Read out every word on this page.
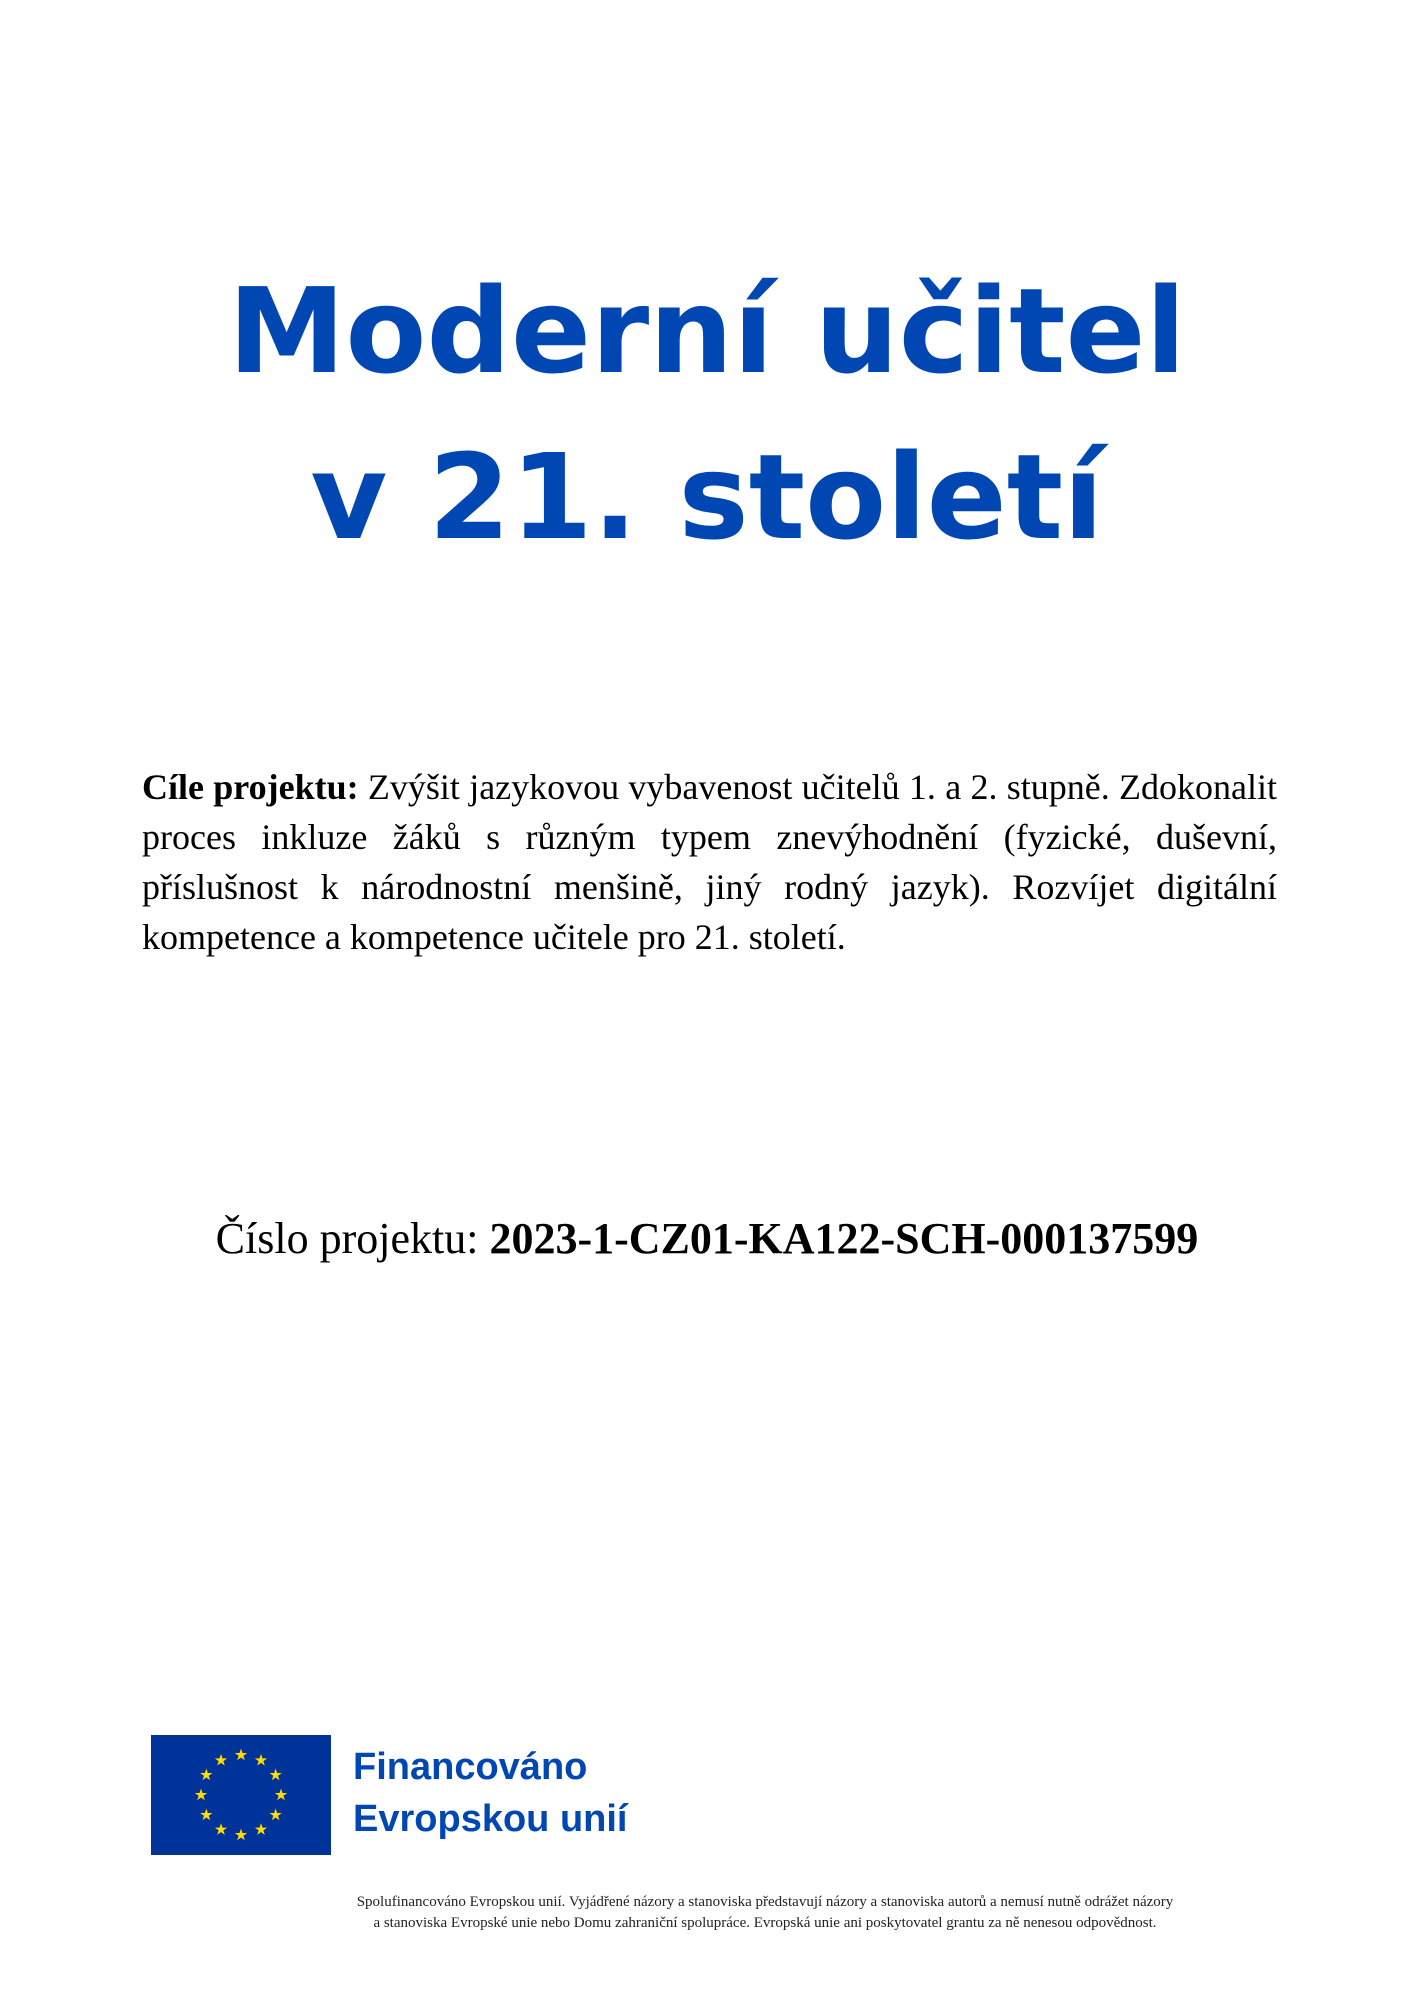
Moderní učitel
v 21. století
Cíle projektu: Zvýšit jazykovou vybavenost učitelů 1. a 2. stupně. Zdokonalit proces inkluze žáků s různým typem znevýhodnění (fyzické, duševní, příslušnost k národnostní menšině, jiný rodný jazyk). Rozvíjet digitální kompetence a kompetence učitele pro 21. století.
Číslo projektu: 2023-1-CZ01-KA122-SCH-000137599
Financováno
Evropskou unií
Spolufinancováno Evropskou unií. Vyjádřené názory a stanoviska představují názory a stanoviska autorů a nemusí nutně odrážet názory
a stanoviska Evropské unie nebo Domu zahraniční spolupráce. Evropská unie ani poskytovatel grantu za ně nenesou odpovědnost.
